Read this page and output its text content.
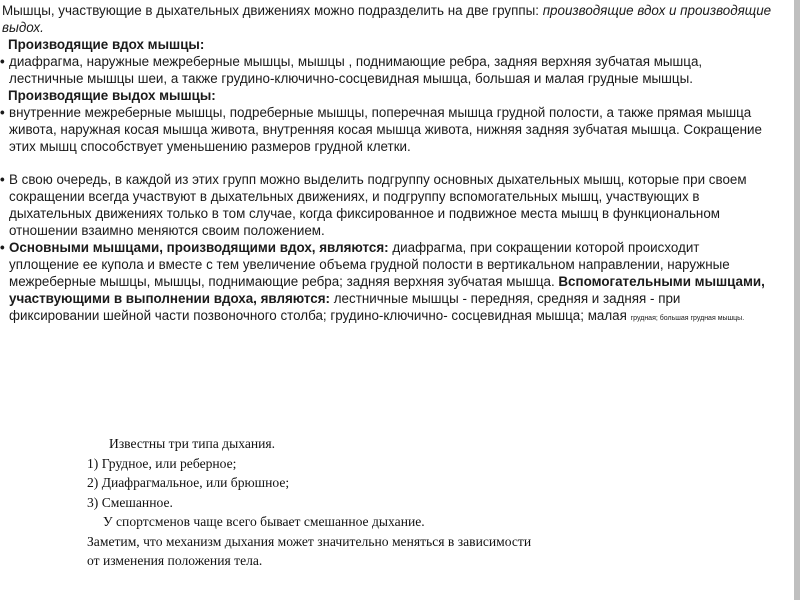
Мышцы, участвующие в дыхательных движениях можно подразделить на две группы: производящие вдох и производящие выдох.

Производящие вдох мышцы:

• диафрагма, наружные межреберные мышцы, мышцы , поднимающие ребра, задняя верхняя зубчатая мышца, лестничные мышцы шеи, а также грудино-ключично-сосцевидная мышца, большая и малая грудные мышцы.

Производящие выдох мышцы:

• внутренние межреберные мышцы, подреберные мышцы, поперечная мышца грудной полости, а также прямая мышца живота, наружная косая мышца живота, внутренняя косая мышца живота, нижняя задняя зубчатая мышца. Сокращение этих мышц способствует уменьшению размеров грудной клетки.

• В свою очередь, в каждой из этих групп можно выделить подгруппу основных дыхательных мышц, которые при своем сокращении всегда участвуют в дыхательных движениях, и подгруппу вспомогательных мышц, участвующих в дыхательных движениях только в том случае, когда фиксированное и подвижное места мышц в функциональном отношении взаимно меняются своим положением.

• Основными мышцами, производящими вдох, являются: диафрагма, при сокращении которой происходит уплощение ее купола и вместе с тем увеличение объема грудной полости в вертикальном направлении, наружные межреберные мышцы, мышцы, поднимающие ребра; задняя верхняя зубчатая мышца. Вспомогательными мышцами, участвующими в выполнении вдоха, являются: лестничные мышцы - передняя, средняя и задняя - при фиксировании шейной части позвоночного столба; грудино-ключично- сосцевидная мышца; малая грудная; большая грудная мышцы.

Известны три типа дыхания.
1) Грудное, или реберное;
2) Диафрагмальное, или брюшное;
3) Смешанное.
У спортсменов чаще всего бывает смешанное дыхание.
Заметим, что механизм дыхания может значительно меняться в зависимости от изменения положения тела.
